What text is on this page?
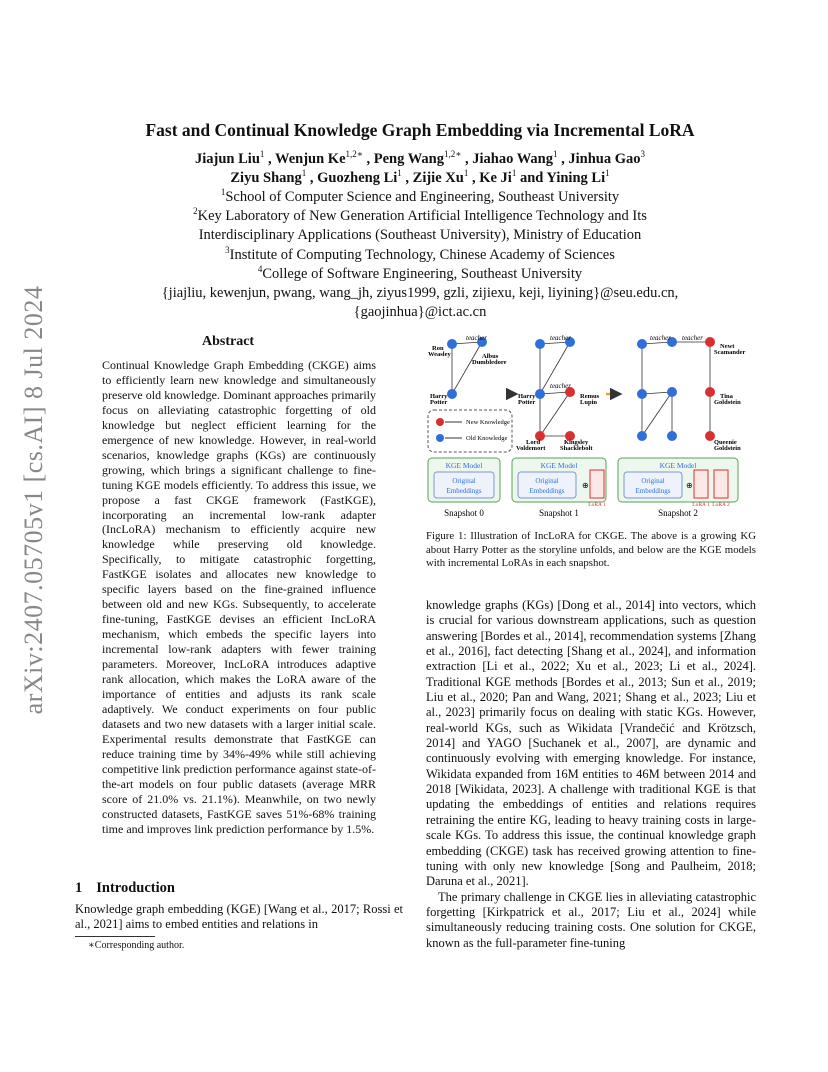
arXiv:2407.05705v1 [cs.AI] 8 Jul 2024
Fast and Continual Knowledge Graph Embedding via Incremental LoRA
Jiajun Liu$^1$ , Wenjun $Ke^{1,2∗}$ , Peng Wang$^{1,2∗}$ , Jiahao Wang$^1$ , Jinhua Gao$^3$
Ziyu Shang$^1$ , Guozheng Li$^1$ , Zijie Xu$^1$ , Ke Ji$^1$ and Yining Li$^1$
$^1$School of Computer Science and Engineering, Southeast University
$^2$Key Laboratory of New Generation Artificial Intelligence Technology and Its
Interdisciplinary Applications (Southeast University), Ministry of Education
$^3$Institute of Computing Technology, Chinese Academy of Sciences
$^4$College of Software Engineering, Southeast University
{jiajliu, kewenjun, pwang, wang_jh, ziyus1999, gzli, zijiexu, keji, liyining}@seu.edu.cn,
{gaojinhua}@ict.ac.cn
Abstract
Continual Knowledge Graph Embedding (CKGE) aims to efficiently learn new knowledge and simultaneously preserve old knowledge. Dominant approaches primarily focus on alleviating catastrophic forgetting of old knowledge but neglect efficient learning for the emergence of new knowledge. However, in real-world scenarios, knowledge graphs (KGs) are continuously growing, which brings a significant challenge to fine-tuning KGE models efficiently. To address this issue, we propose a fast CKGE framework (FastKGE), incorporating an incremental low-rank adapter (IncLoRA) mechanism to efficiently acquire new knowledge while preserving old knowledge. Specifically, to mitigate catastrophic forgetting, FastKGE isolates and allocates new knowledge to specific layers based on the fine-grained influence between old and new KGs. Subsequently, to accelerate fine-tuning, FastKGE devises an efficient IncLoRA mechanism, which embeds the specific layers into incremental low-rank adapters with fewer training parameters. Moreover, IncLoRA introduces adaptive rank allocation, which makes the LoRA aware of the importance of entities and adjusts its rank scale adaptively. We conduct experiments on four public datasets and two new datasets with a larger initial scale. Experimental results demonstrate that FastKGE can reduce training time by 34%-49% while still achieving competitive link prediction performance against state-of-the-art models on four public datasets (average MRR score of 21.0% vs. 21.1%). Meanwhile, on two newly constructed datasets, FastKGE saves 51%-68% training time and improves link prediction performance by 1.5%.
1 Introduction
Knowledge graph embedding (KGE) [Wang et al., 2017; Rossi et al., 2021] aims to embed entities and relations in
∗Corresponding author.
teacher
Ron
Weasley	Albus
Dumbledore
Harry
Potter
New Knowledge
Old Knowledge
teacher
teacher
Harry
Potter
Remus
Lupin
Lord
Voldemort
Kingsley
Shacklebolt
teacher teacher
Newt
Scamander
Tina
Goldstein
Queenie
Goldstein
KGE Model
Original
Embeddings
KGE Model
Original
Embeddings
⊕
LoRA 1
KGE Model
Original
Embeddings
⊕
LoRA 1 LoRA 2
Snapshot 0	Snapshot 1	Snapshot 2
Figure 1: Illustration of IncLoRA for CKGE. The above is a growing KG about Harry Potter as the storyline unfolds, and below are the KGE models with incremental LoRAs in each snapshot.

knowledge graphs (KGs) [Dong et al., 2014] into vectors, which is crucial for various downstream applications, such as question answering [Bordes et al., 2014], recommendation systems [Zhang et al., 2016], fact detecting [Shang et al., 2024], and information extraction [Li et al., 2022; Xu et al., 2023; Li et al., 2024]. Traditional KGE methods [Bordes et al., 2013; Sun et al., 2019; Liu et al., 2020; Pan and Wang, 2021; Shang et al., 2023; Liu et al., 2023] primarily focus on dealing with static KGs. However, real-world KGs, such as Wikidata [Vrandečić and Krötzsch, 2014] and YAGO [Suchanek et al., 2007], are dynamic and continuously evolving with emerging knowledge. For instance, Wikidata expanded from 16M entities to 46M between 2014 and 2018 [Wikidata, 2023]. A challenge with traditional KGE is that updating the embeddings of entities and relations requires retraining the entire KG, leading to heavy training costs in large-scale KGs. To address this issue, the continual knowledge graph embedding (CKGE) task has received growing attention to fine-tuning with only new knowledge [Song and Paulheim, 2018; Daruna et al., 2021].

The primary challenge in CKGE lies in alleviating catastrophic forgetting [Kirkpatrick et al., 2017; Liu et al., 2024] while simultaneously reducing training costs. One solution for CKGE, known as the full-parameter fine-tuning
